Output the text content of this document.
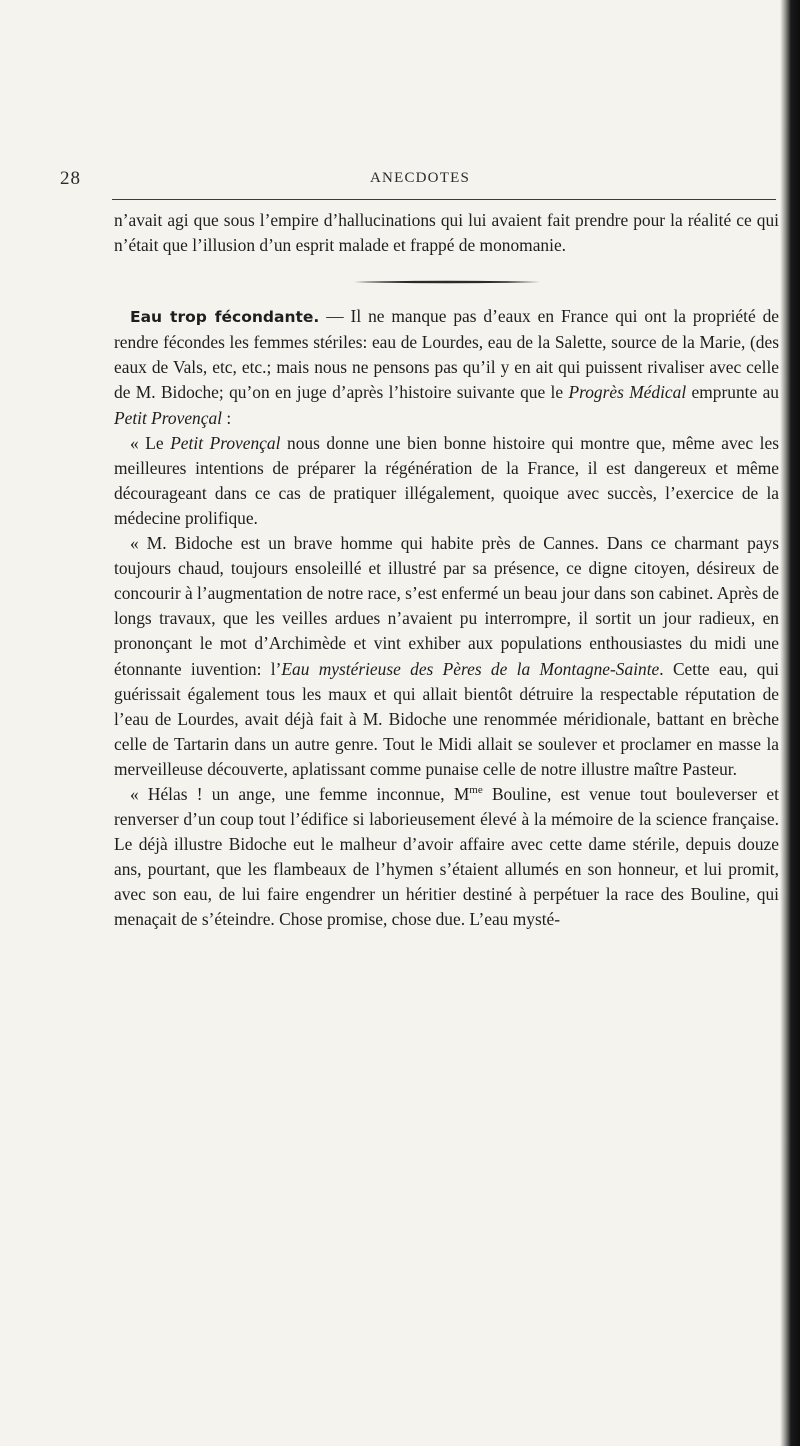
28	ANECDOTES

n’avait agi que sous l’empire d’hallucinations qui lui avaient fait prendre pour la réalité ce qui n’était que l’illusion d’un esprit malade et frappé de monomanie.

Eau trop fécondante. — Il ne manque pas d’eaux en France qui ont la propriété de rendre fécondes les femmes stériles: eau de Lourdes, eau de la Salette, source de la Marie, (des eaux de Vals, etc, etc.; mais nous ne pensons pas qu’il y en ait qui puissent rivaliser avec celle de M. Bidoche; qu’on en juge d’après l’histoire suivante que le Progrès Médical emprunte au Petit Provençal :

« Le Petit Provençal nous donne une bien bonne histoire qui montre que, même avec les meilleures intentions de préparer la régénération de la France, il est dangereux et même décourageant dans ce cas de pratiquer illégalement, quoique avec succès, l’exercice de la médecine prolifique.

« M. Bidoche est un brave homme qui habite près de Cannes. Dans ce charmant pays toujours chaud, toujours ensoleillé et illustré par sa présence, ce digne citoyen, désireux de concourir à l’augmentation de notre race, s’est enfermé un beau jour dans son cabinet. Après de longs travaux, que les veilles ardues n’avaient pu interrompre, il sortit un jour radieux, en prononçant le mot d’Archimède et vint exhiber aux populations enthousiastes du midi une étonnante iuvention: l’Eau mystérieuse des Pères de la Montagne-Sainte. Cette eau, qui guérissait également tous les maux et qui allait bientôt détruire la respectable réputation de l’eau de Lourdes, avait déjà fait à M. Bidoche une renommée méridionale, battant en brèche celle de Tartarin dans un autre genre. Tout le Midi allait se soulever et proclamer en masse la merveilleuse découverte, aplatissant comme punaise celle de notre illustre maître Pasteur.

« Hélas ! un ange, une femme inconnue, $M^{me}$ Bouline, est venue tout bouleverser et renverser d’un coup tout l’édifice si laborieusement élevé à la mémoire de la science française. Le déjà illustre Bidoche eut le malheur d’avoir affaire avec cette dame stérile, depuis douze ans, pourtant, que les flambeaux de l’hymen s’étaient allumés en son honneur, et lui promit, avec son eau, de lui faire engendrer un héritier destiné à perpétuer la race des Bouline, qui menaçait de s’éteindre. Chose promise, chose due. L’eau mysté-
